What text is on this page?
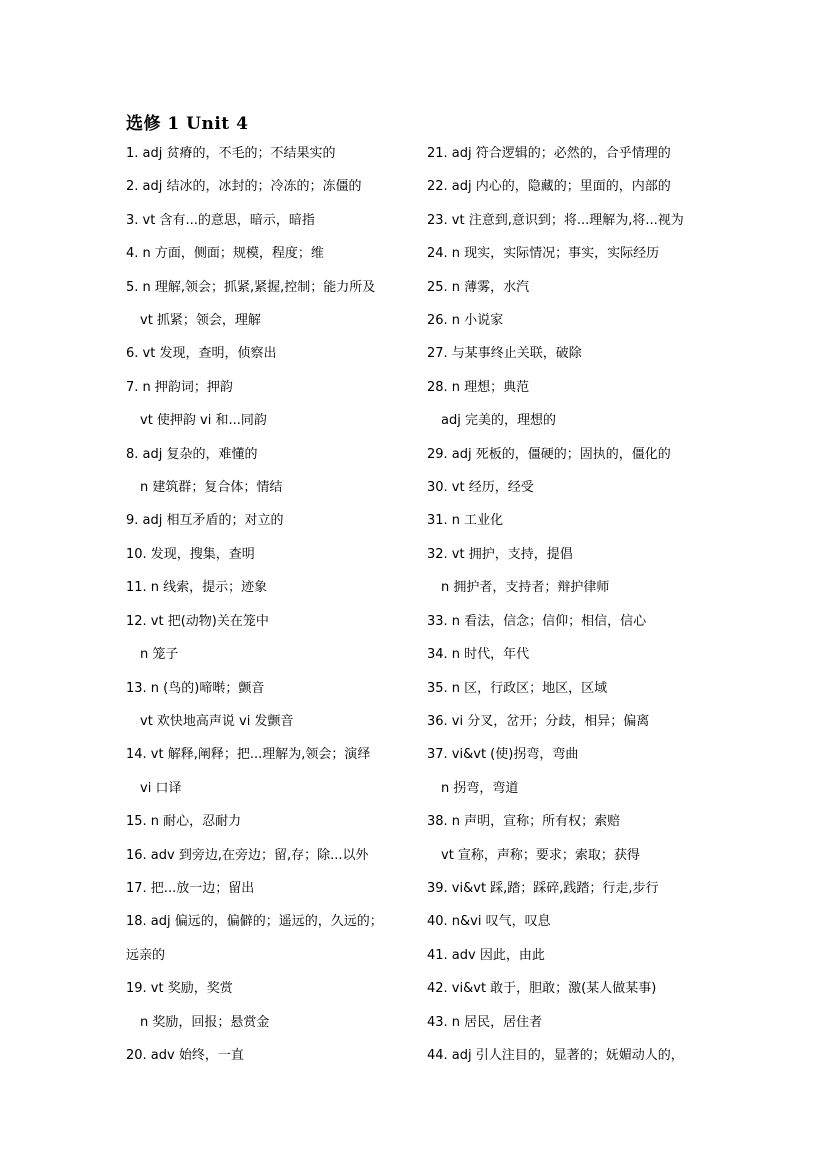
选修 1 Unit 4
1. adj 贫瘠的，不毛的；不结果实的
2. adj 结冰的，冰封的；冷冻的；冻僵的
3. vt 含有...的意思，暗示，暗指
4. n 方面，侧面；规模，程度；维
5. n 理解,领会；抓紧,紧握,控制；能力所及
vt 抓紧；领会，理解
6. vt 发现，查明，侦察出
7. n 押韵词；押韵
vt 使押韵 vi 和...同韵
8. adj 复杂的，难懂的
n 建筑群；复合体；情结
9. adj 相互矛盾的；对立的
10. 发现，搜集，查明
11. n 线索，提示；迹象
12. vt 把(动物)关在笼中
n 笼子
13. n (鸟的)啼啭；颤音
vt 欢快地高声说 vi 发颤音
14. vt 解释,阐释；把...理解为,领会；演绎
vi 口译
15. n 耐心，忍耐力
16. adv 到旁边,在旁边；留,存；除...以外
17. 把...放一边；留出
18. adj 偏远的，偏僻的；遥远的，久远的；
远亲的
19. vt 奖励，奖赏
n 奖励，回报；悬赏金
20. adv 始终，一直
21. adj 符合逻辑的；必然的，合乎情理的
22. adj 内心的，隐藏的；里面的，内部的
23. vt 注意到,意识到；将...理解为,将...视为
24. n 现实，实际情况；事实，实际经历
25. n 薄雾，水汽
26. n 小说家
27. 与某事终止关联，破除
28. n 理想；典范
adj 完美的，理想的
29. adj 死板的，僵硬的；固执的，僵化的
30. vt 经历，经受
31. n 工业化
32. vt 拥护，支持，提倡
n 拥护者，支持者；辩护律师
33. n 看法，信念；信仰；相信，信心
34. n 时代，年代
35. n 区，行政区；地区，区域
36. vi 分叉，岔开；分歧，相异；偏离
37. vi&vt (使)拐弯，弯曲
n 拐弯，弯道
38. n 声明，宣称；所有权；索赔
vt 宣称，声称；要求；索取；获得
39. vi&vt 踩,踏；踩碎,践踏；行走,步行
40. n&vi 叹气，叹息
41. adv 因此，由此
42. vi&vt 敢于，胆敢；激(某人做某事)
43. n 居民，居住者
44. adj 引人注目的，显著的；妩媚动人的，
